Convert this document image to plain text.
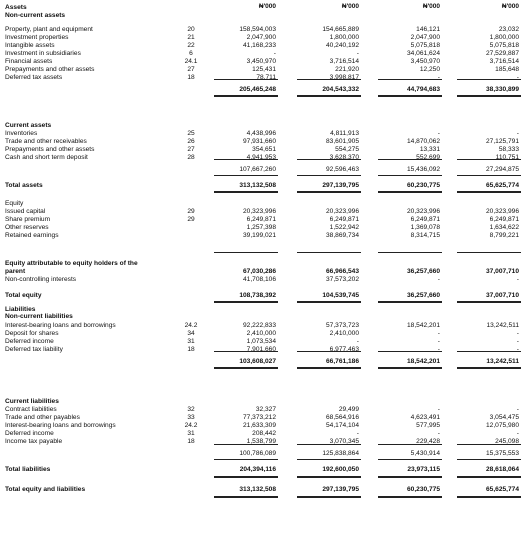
₦'000	₦'000	₦'000	₦'000
Assets
Non-current assets
Property, plant and equipment	20	158,594,003	154,665,889	146,121	23,032
Investment properties	21	2,047,900	1,800,000	2,047,900	1,800,000
Intangible assets	22	41,168,233	40,240,192	5,075,818	5,075,818
Investment in subsidiaries	6	-	-	34,061,624	27,529,887
Financial assets	24.1	3,450,970	3,716,514	3,450,970	3,716,514
Prepayments and other assets	27	125,431	221,920	12,250	185,648
Deferred tax assets	18	78,711	3,998,817	-	-
205,465,248	204,543,332	44,794,683	38,330,899
Current assets
Inventories	25	4,438,996	4,811,913	-	-
Trade and other receivables	26	97,931,660	83,601,905	14,870,062	27,125,791
Prepayments and other assets	27	354,651	554,275	13,331	58,333
Cash and short term deposit	28	4,941,953	3,628,370	552,699	110,751
107,667,260	92,596,463	15,436,092	27,294,875
Total assets	313,132,508	297,139,795	60,230,775	65,625,774
Equity
Issued capital	29	20,323,996	20,323,996	20,323,996	20,323,996
Share premium	29	6,249,871	6,249,871	6,249,871	6,249,871
Other reserves	1,257,398	1,522,942	1,369,078	1,634,622
Retained earnings	39,199,021	38,869,734	8,314,715	8,799,221
Equity attributable to equity holders of the
parent	67,030,286	66,966,543	36,257,660	37,007,710
Non-controlling interests	41,708,106	37,573,202	-	-
Total equity	108,738,392	104,539,745	36,257,660	37,007,710
Liabilities
Non-current liabilities
Interest-bearing loans and borrowings	24.2	92,222,833	57,373,723	18,542,201	13,242,511
Deposit for shares	34	2,410,000	2,410,000	-	-
Deferred income	31	1,073,534	-	-	-
Deferred tax liability	18	7,901,660	6,977,463	-	-
103,608,027	66,761,186	18,542,201	13,242,511
Current liabilities
Contract liabilities	32	32,327	29,499	-	-
Trade and other payables	33	77,373,212	68,564,916	4,623,491	3,054,475
Interest-bearing loans and borrowings	24.2	21,633,309	54,174,104	577,995	12,075,980
Deferred income	31	208,442	-	-	-
Income tax payable	18	1,538,799	3,070,345	229,428	245,098
100,786,089	125,838,864	5,430,914	15,375,553
Total liabilities	204,394,116	192,600,050	23,973,115	28,618,064
Total equity and liabilities	313,132,508	297,139,795	60,230,775	65,625,774
